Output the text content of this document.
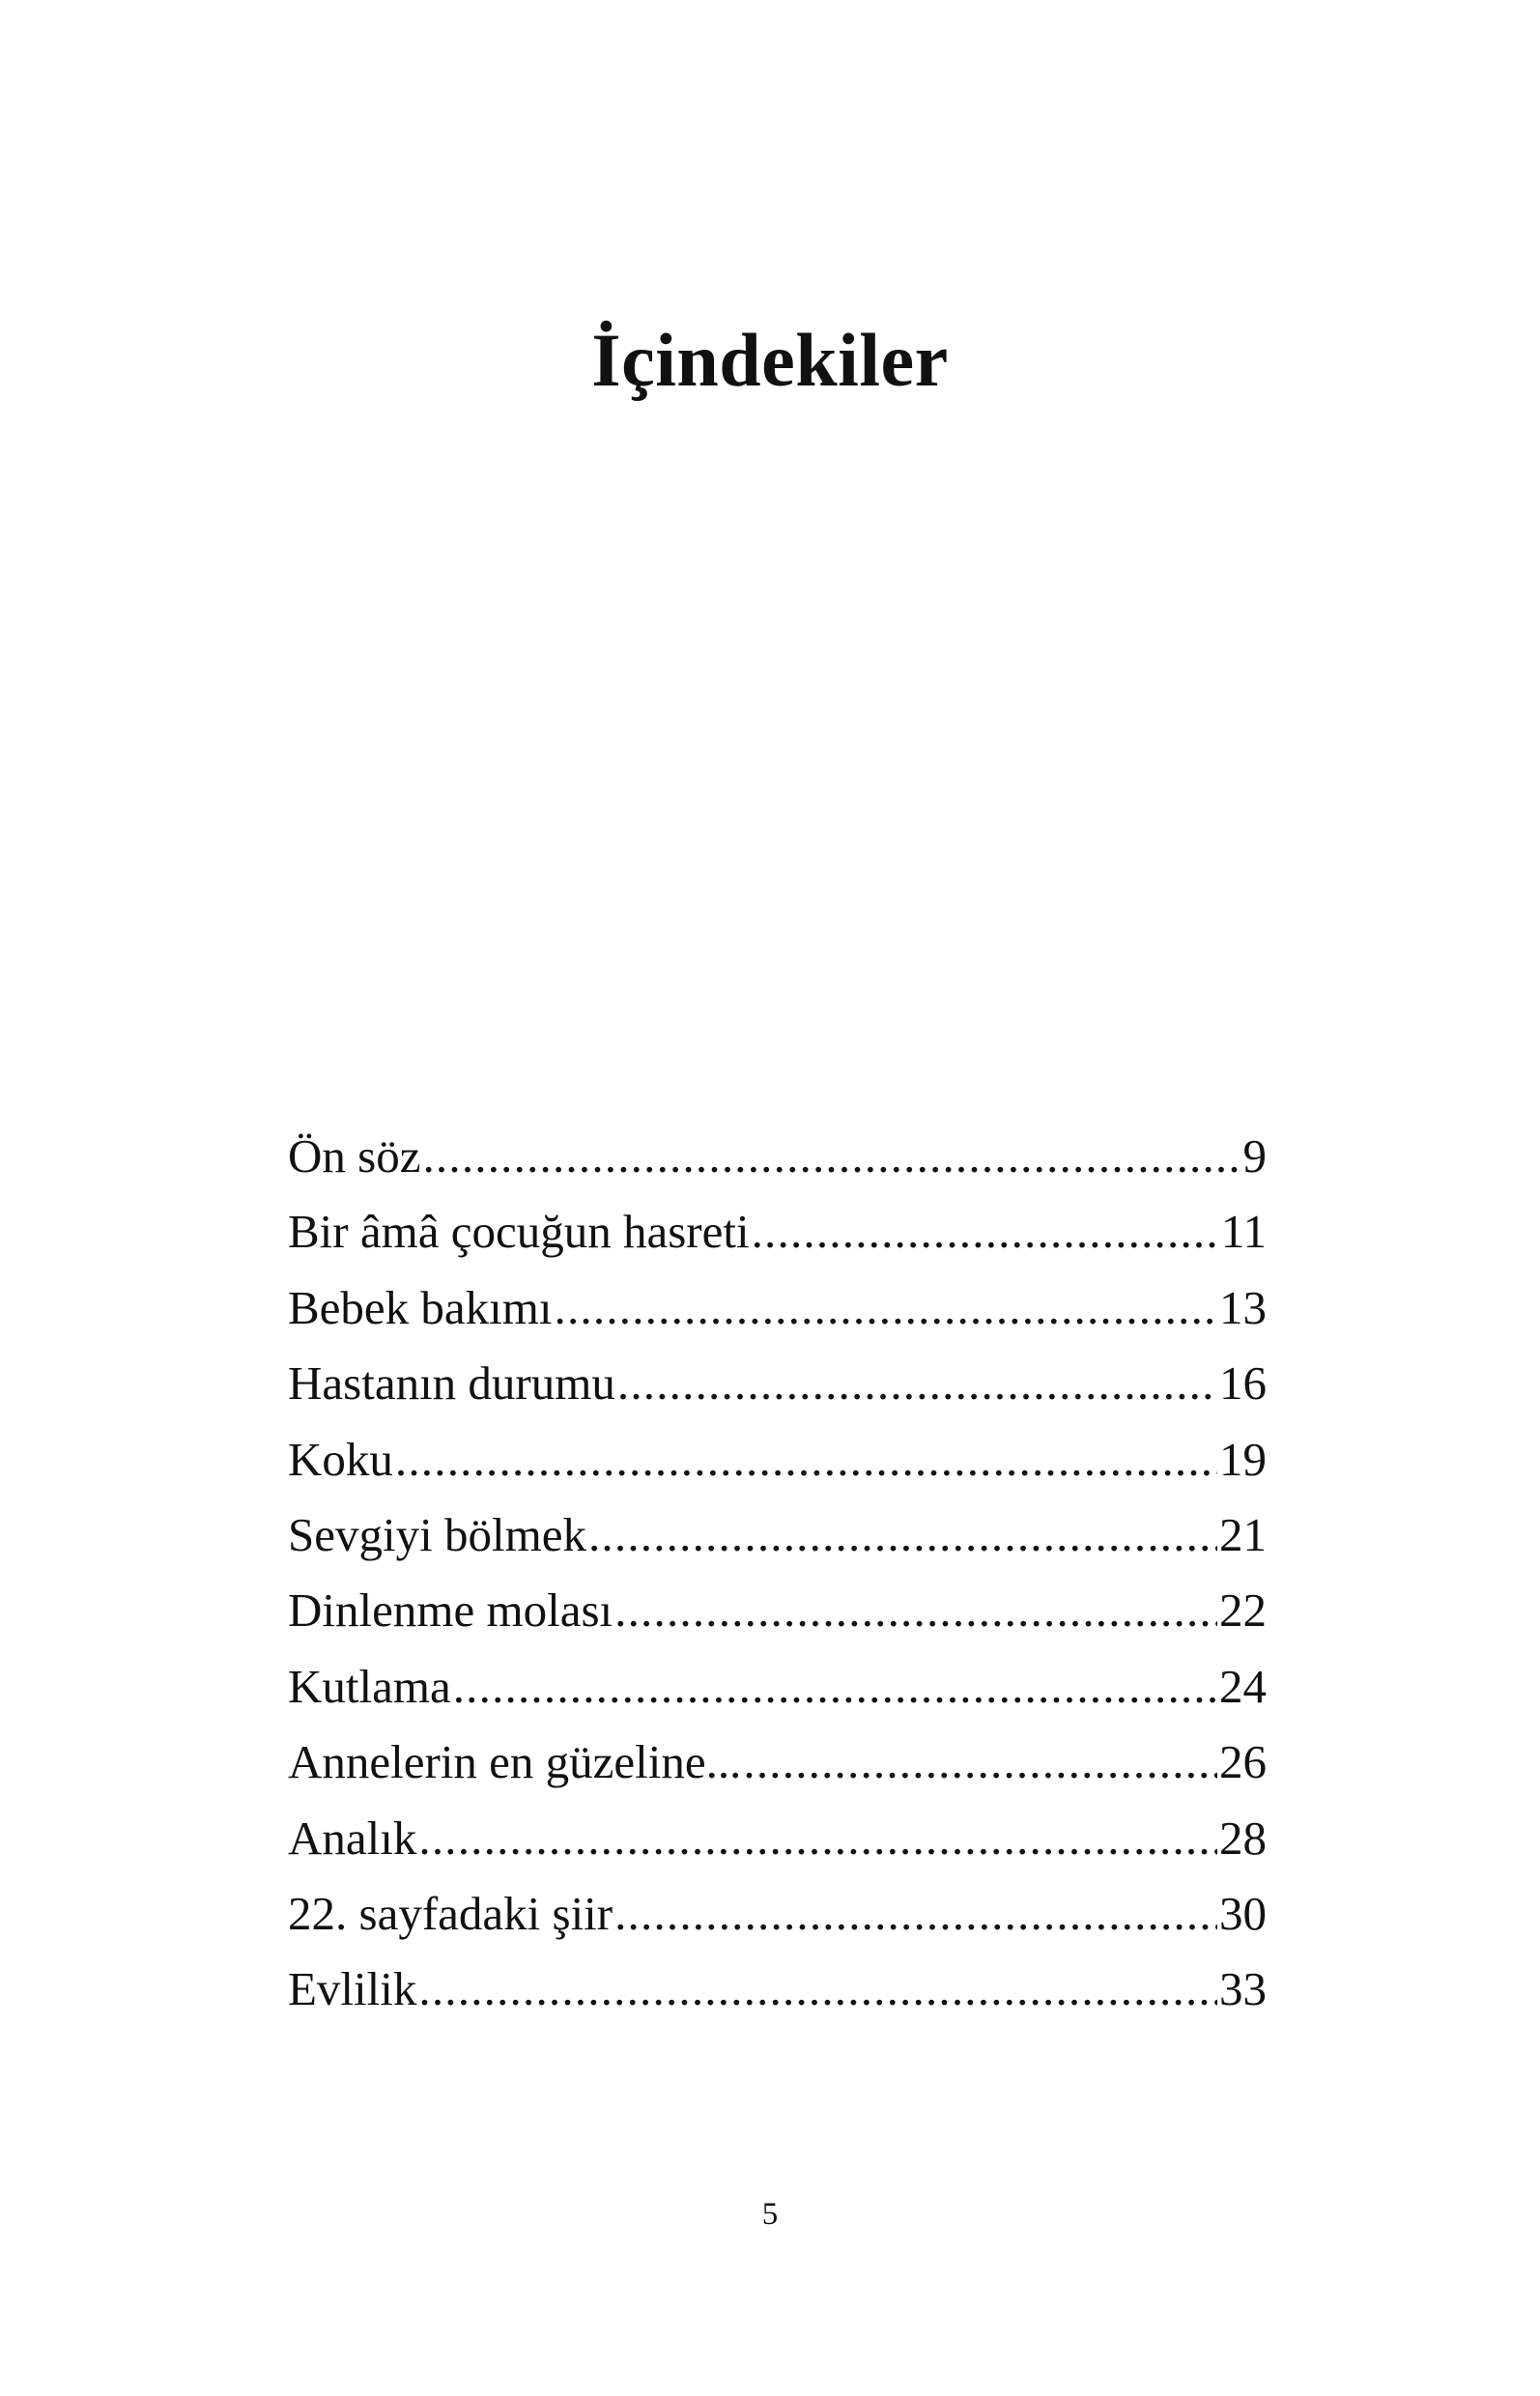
İçindekiler
Ön söz .....	9
Bir âmâ çocuğun hasreti .....	11
Bebek bakımı .....	13
Hastanın durumu .....	16
Koku .....	19
Sevgiyi bölmek .....	21
Dinlenme molası .....	22
Kutlama .....	24
Annelerin en güzeline... .....	26
Analık .....	28
22. sayfadaki şiir .....	30
Evlilik .....	33
5
